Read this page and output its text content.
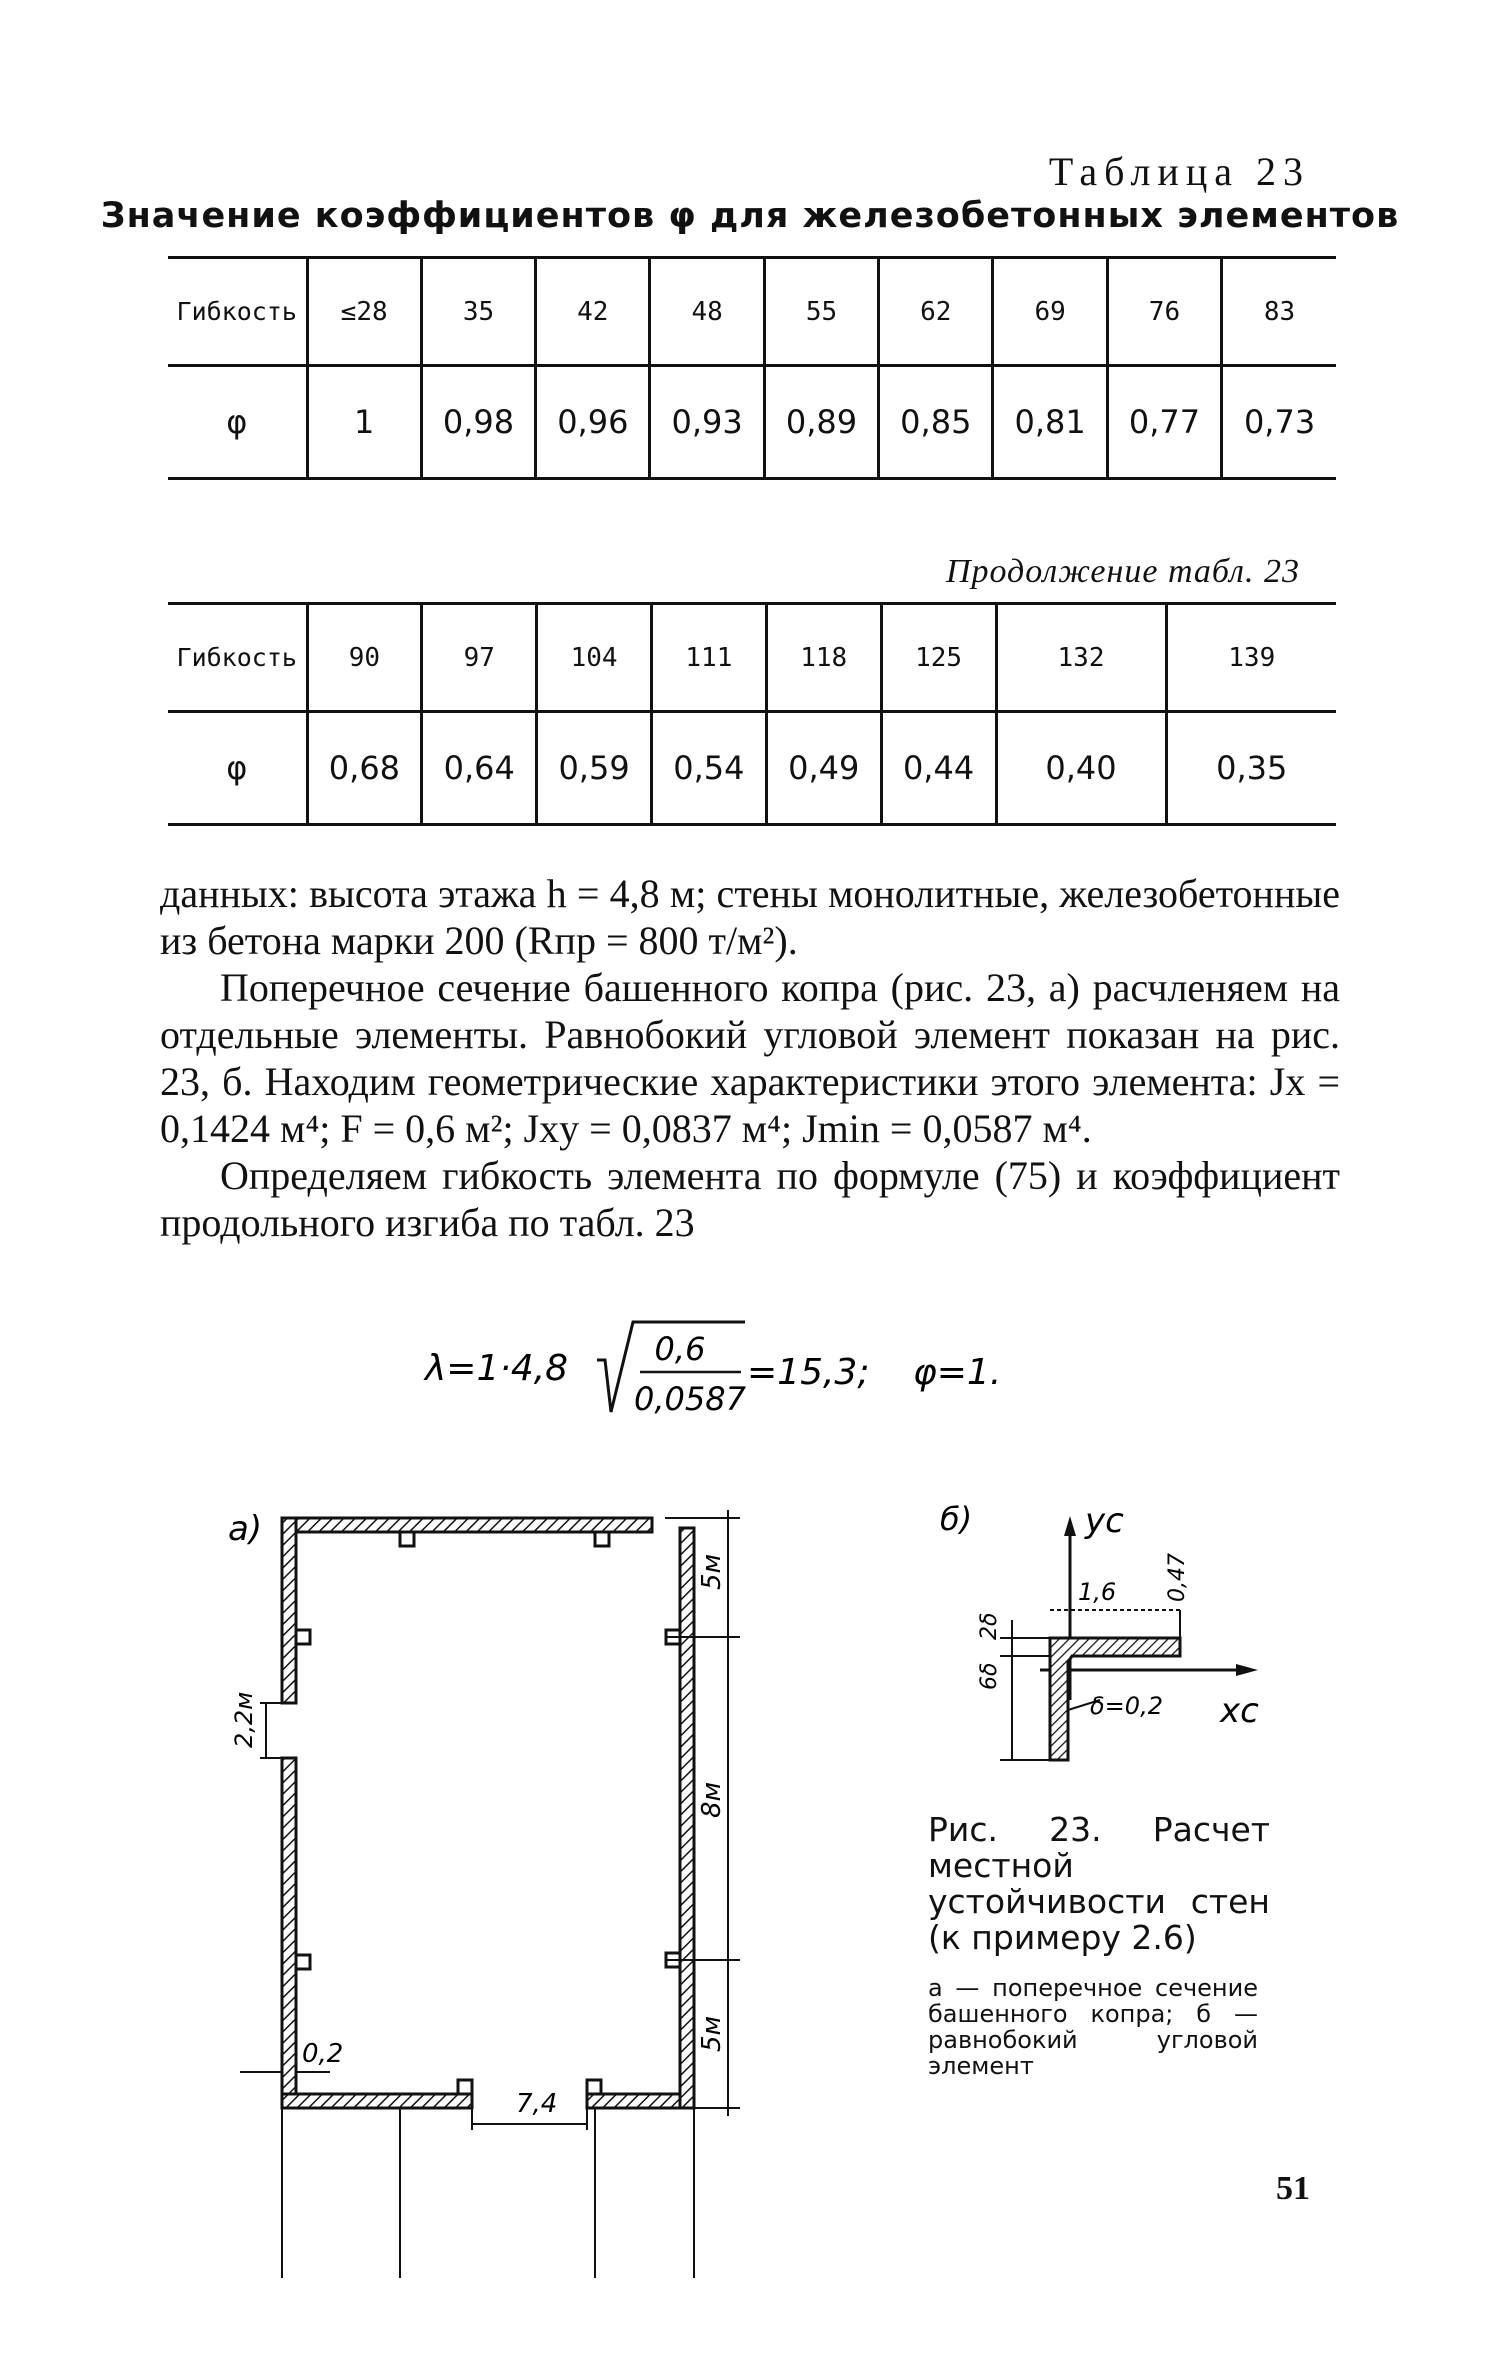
Таблица 23
Значение коэффициентов φ для железобетонных элементов
Гибкость	≤28	35	42	48	55	62	69	76	83
φ	1	0,98	0,96	0,93	0,89	0,85	0,81	0,77	0,73
Продолжение табл. 23
Гибкость	90	97	104	111	118	125	132	139
φ	0,68	0,64	0,59	0,54	0,49	0,44	0,40	0,35

данных: высота этажа h = 4,8 м; стены монолитные, железобетонные из бетона марки 200 (Rпр = 800 т/м²).

Поперечное сечение башенного копра (рис. 23, а) расчленяем на отдельные элементы. Равнобокий угловой элемент показан на рис. 23, б. Находим геометрические характеристики этого элемента: Jx = 0,1424 м⁴; F = 0,6 м²; Jxy = 0,0837 м⁴; Jmin = 0,0587 м⁴.

Определяем гибкость элемента по формуле (75) и коэффициент продольного изгиба по табл. 23

λ=1·4,8	0,6
0,0587
=15,3; φ=1.
а)
2,2м
0,2
5м
8м
5м
7,4
б)	yc
xc
1,6 0,47
2δ
6δ
δ=0,2
Рис. 23. Расчет местной устойчивости стен (к примеру 2.6)
а — поперечное сечение башенного копра; б — равнобокий угловой элемент
51
